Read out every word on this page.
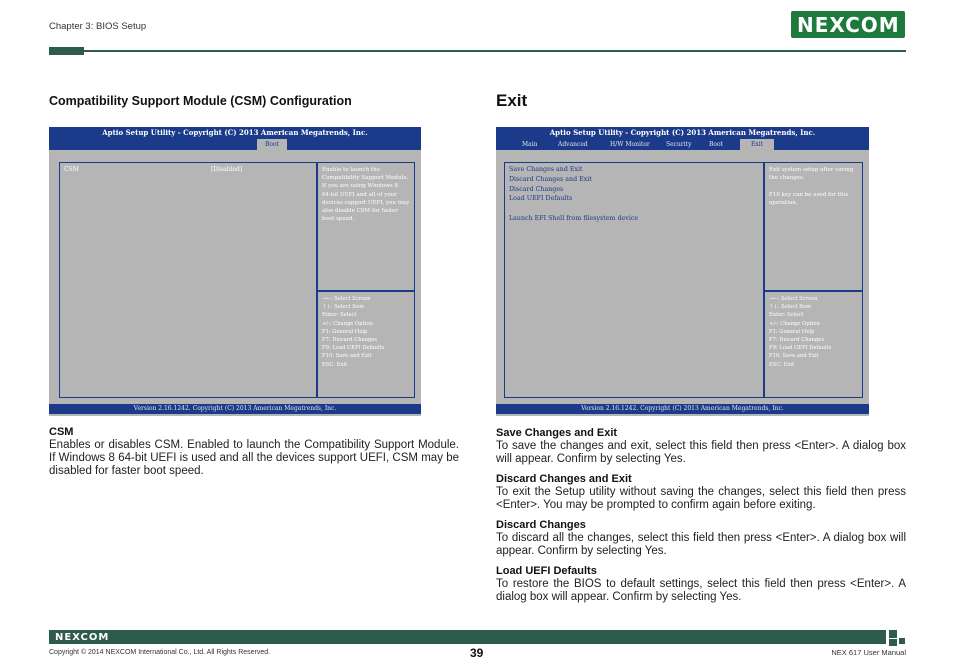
Chapter 3: BIOS Setup	NEXCOM
Compatibility Support Module (CSM) Configuration
Aptio Setup Utility - Copyright (C) 2013 American Megatrends, Inc.
Boot
CSM	[Disabled]	Enable to launch the
Compatibility Support Module.
If you are using Windows 8
64-bit UEFI and all of your
devices support UEFI, you may
also disable CSM for faster
boot speed.
→←: Select Screen
↑↓: Select Item
Enter: Select
+/-: Change Option
F1: General Help
F7: Discard Changes
F9: Load UEFI Defaults
F10: Save and Exit
ESC: Exit
Version 2.16.1242. Copyright (C) 2013 American Megatrends, Inc.
CSM
Enables or disables CSM. Enabled to launch the Compatibility Support Module. If Windows 8 64-bit UEFI is used and all the devices support UEFI, CSM may be disabled for faster boot speed.
Exit
Aptio Setup Utility - Copyright (C) 2013 American Megatrends, Inc.
Main	Advanced	H/W Monitor	Security	Boot	Exit
Save Changes and Exit
Discard Changes and Exit
Discard Changes
Load UEFI Defaults
Launch EFI Shell from filesystem device
Exit system setup after saving
the changes.

F10 key can be used for this
operation.
→←: Select Screen
↑↓: Select Item
Enter: Select
+/-: Change Option
F1: General Help
F7: Discard Changes
F9: Load UEFI Defaults
F10: Save and Exit
ESC: Exit
Version 2.16.1242. Copyright (C) 2013 American Megatrends, Inc.
Save Changes and Exit
To save the changes and exit, select this field then press <Enter>. A dialog box will appear. Confirm by selecting Yes.
Discard Changes and Exit
To exit the Setup utility without saving the changes, select this field then press <Enter>. You may be prompted to confirm again before exiting.
Discard Changes
To discard all the changes, select this field then press <Enter>. A dialog box will appear. Confirm by selecting Yes.
Load UEFI Defaults
To restore the BIOS to default settings, select this field then press <Enter>. A dialog box will appear. Confirm by selecting Yes.
NEXCOM
Copyright © 2014 NEXCOM International Co., Ltd. All Rights Reserved.	39	NEX 617 User Manual
